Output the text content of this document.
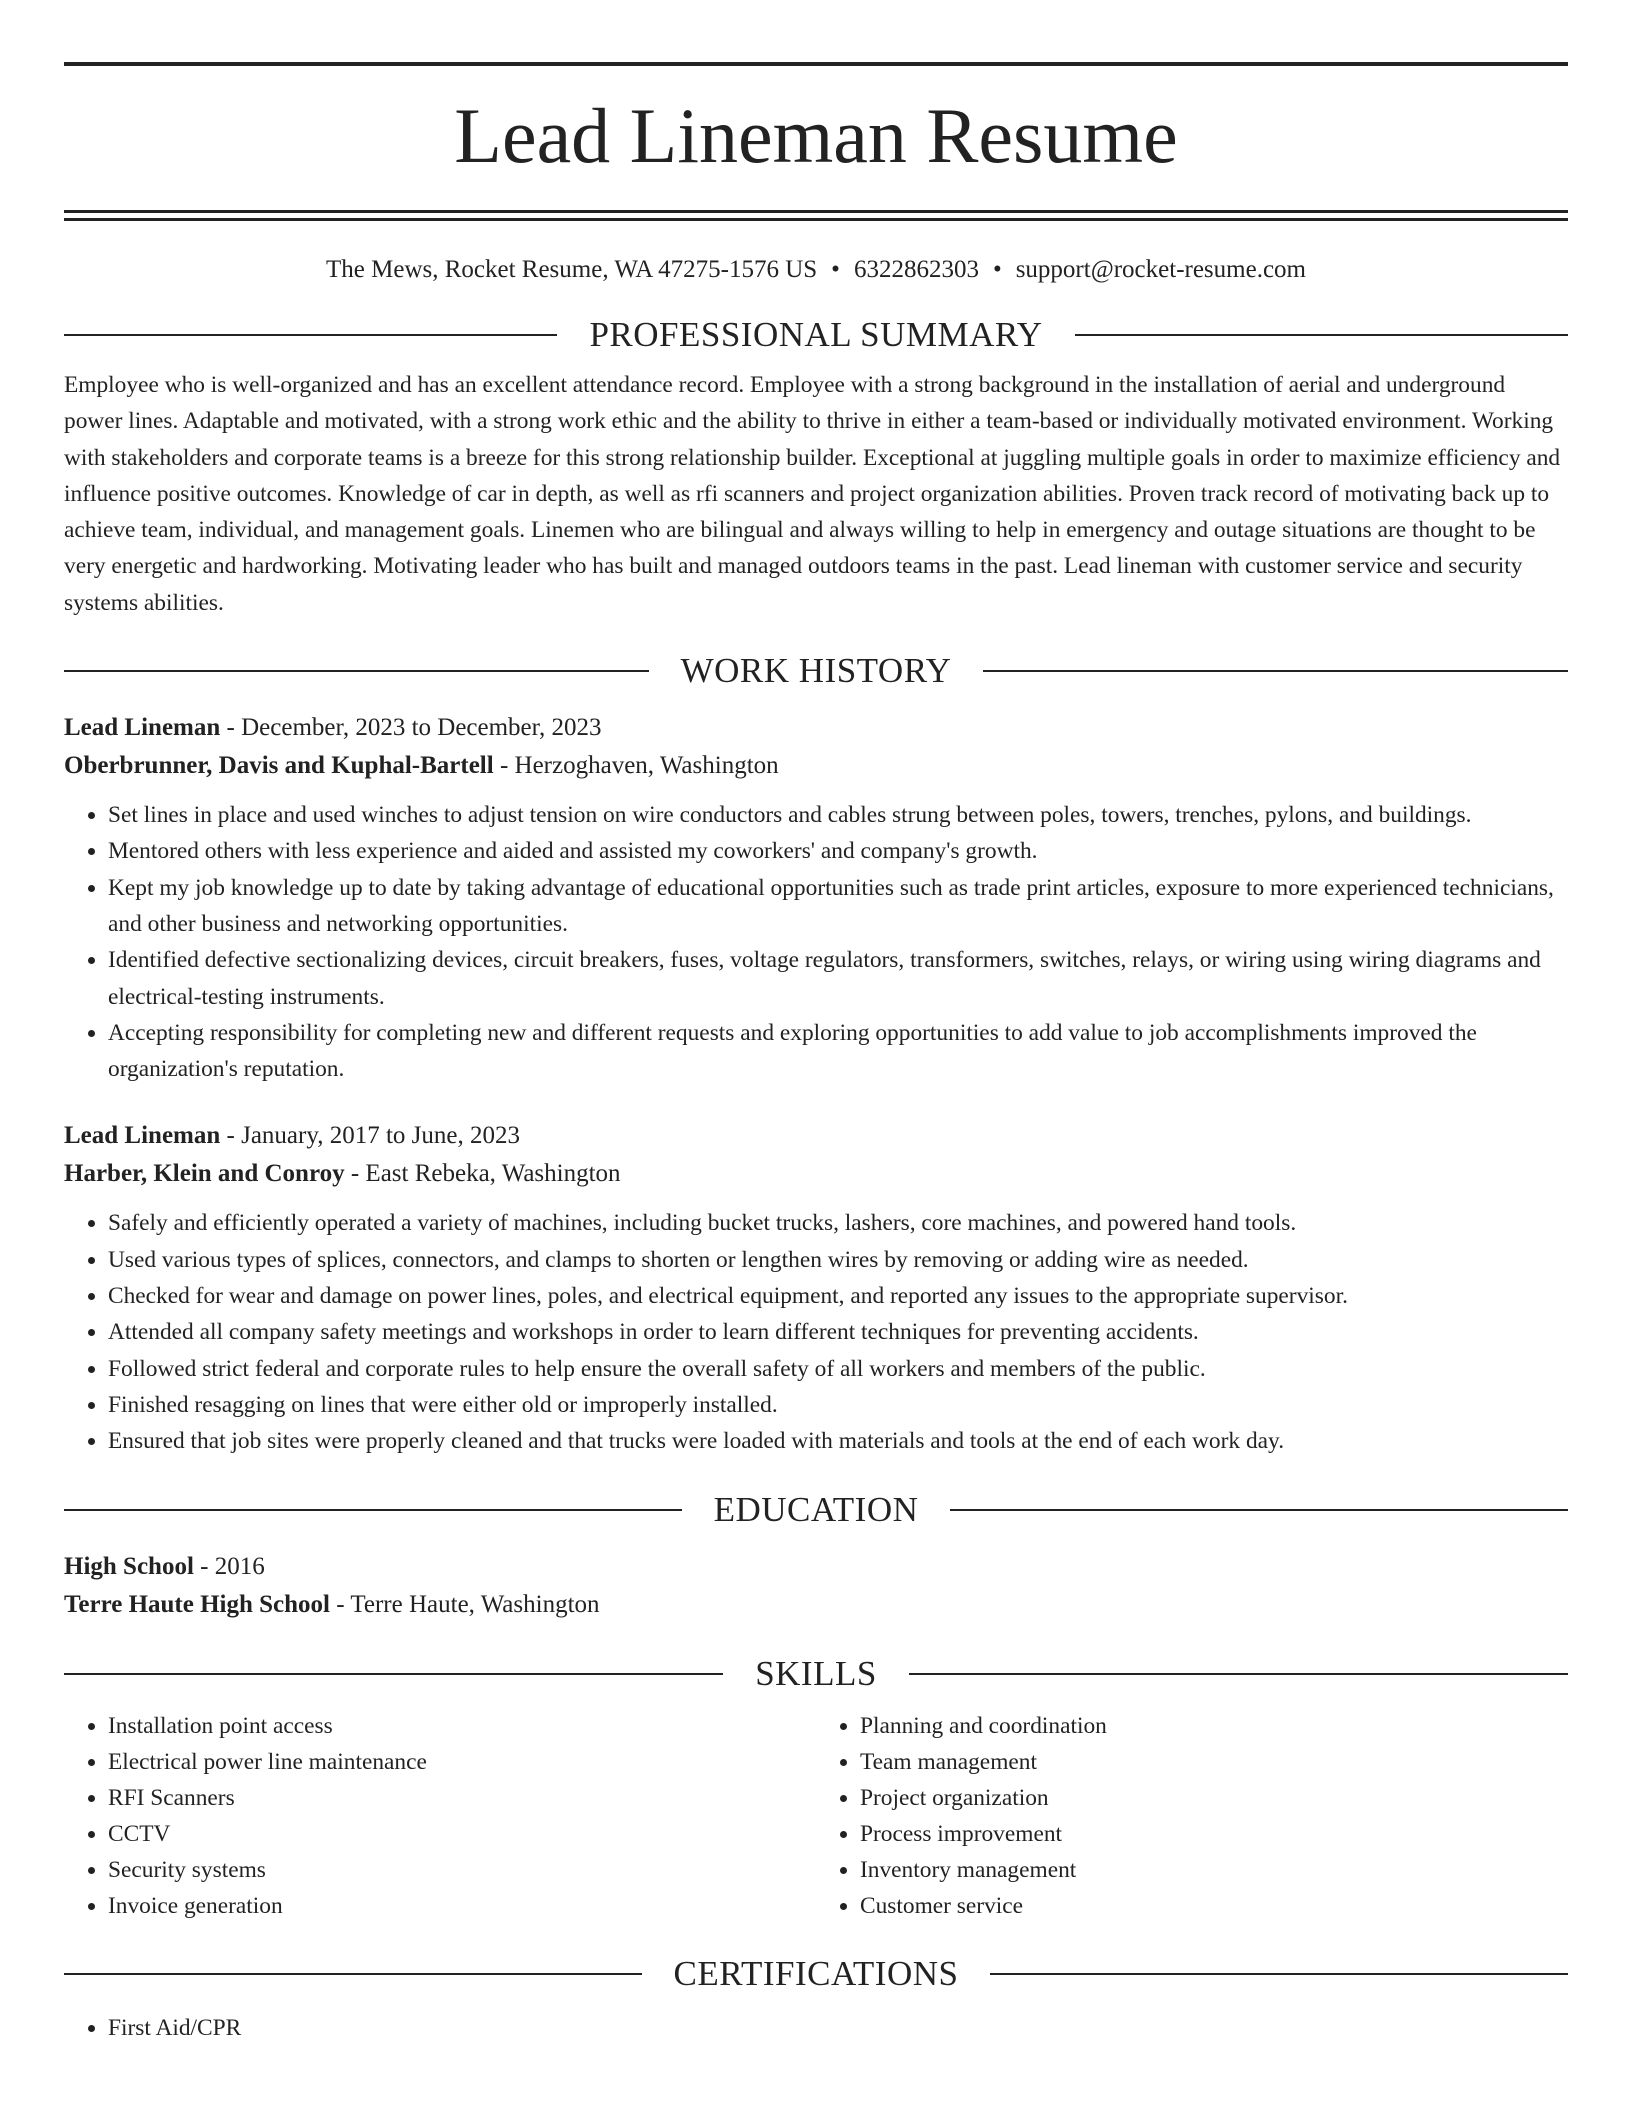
Lead Lineman Resume
The Mews, Rocket Resume, WA 47275-1576 US • 6322862303 • support@rocket-resume.com
PROFESSIONAL SUMMARY
Employee who is well-organized and has an excellent attendance record. Employee with a strong background in the installation of aerial and underground power lines. Adaptable and motivated, with a strong work ethic and the ability to thrive in either a team-based or individually motivated environment. Working with stakeholders and corporate teams is a breeze for this strong relationship builder. Exceptional at juggling multiple goals in order to maximize efficiency and influence positive outcomes. Knowledge of car in depth, as well as rfi scanners and project organization abilities. Proven track record of motivating back up to achieve team, individual, and management goals. Linemen who are bilingual and always willing to help in emergency and outage situations are thought to be very energetic and hardworking. Motivating leader who has built and managed outdoors teams in the past. Lead lineman with customer service and security systems abilities.
WORK HISTORY
Lead Lineman - December, 2023 to December, 2023
Oberbrunner, Davis and Kuphal-Bartell - Herzoghaven, Washington
• Set lines in place and used winches to adjust tension on wire conductors and cables strung between poles, towers, trenches, pylons, and buildings.
• Mentored others with less experience and aided and assisted my coworkers' and company's growth.
• Kept my job knowledge up to date by taking advantage of educational opportunities such as trade print articles, exposure to more experienced technicians, and other business and networking opportunities.
• Identified defective sectionalizing devices, circuit breakers, fuses, voltage regulators, transformers, switches, relays, or wiring using wiring diagrams and electrical-testing instruments.
• Accepting responsibility for completing new and different requests and exploring opportunities to add value to job accomplishments improved the organization's reputation.
Lead Lineman - January, 2017 to June, 2023
Harber, Klein and Conroy - East Rebeka, Washington
• Safely and efficiently operated a variety of machines, including bucket trucks, lashers, core machines, and powered hand tools.
• Used various types of splices, connectors, and clamps to shorten or lengthen wires by removing or adding wire as needed.
• Checked for wear and damage on power lines, poles, and electrical equipment, and reported any issues to the appropriate supervisor.
• Attended all company safety meetings and workshops in order to learn different techniques for preventing accidents.
• Followed strict federal and corporate rules to help ensure the overall safety of all workers and members of the public.
• Finished resagging on lines that were either old or improperly installed.
• Ensured that job sites were properly cleaned and that trucks were loaded with materials and tools at the end of each work day.
EDUCATION
High School - 2016
Terre Haute High School - Terre Haute, Washington
SKILLS
• Installation point access
• Electrical power line maintenance
• RFI Scanners
• CCTV
• Security systems
• Invoice generation
• Planning and coordination
• Team management
• Project organization
• Process improvement
• Inventory management
• Customer service
CERTIFICATIONS
• First Aid/CPR
